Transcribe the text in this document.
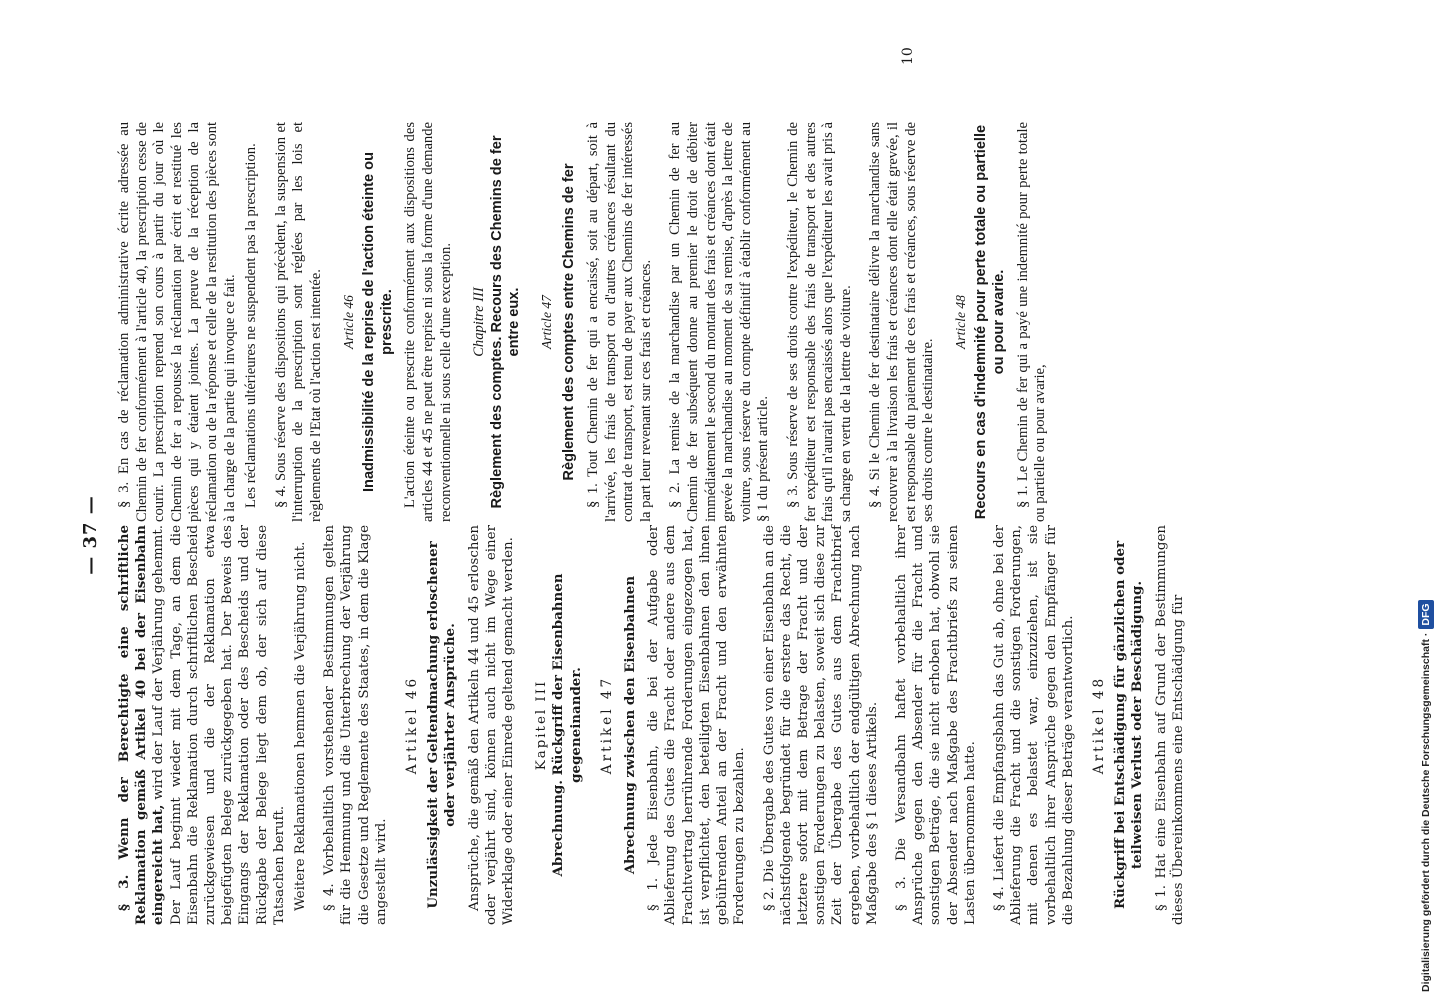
— 37 — § 3. Wenn der Berechtigte eine schriftliche Reklamation gemäß Artikel 40 bei der Eisenbahn eingereicht hat, wird der Lauf der Verjährung gehemmt. Der Lauf beginnt wieder mit dem Tage, an dem die Eisenbahn die Reklamation durch schriftlichen Bescheid zurückgewiesen und die der Reklamation etwa beigefügten Belege zurückgegeben hat. Der Beweis des Eingangs der Reklamation oder des Bescheids und der Rückgabe der Belege liegt dem ob, der sich auf diese Tatsachen beruft. Weitere Reklamationen hemmen die Verjährung nicht. § 4. Vorbehaltlich vorstehender Bestimmungen gelten für die Hemmung und die Unterbrechung der Verjährung die Gesetze und Reglemente des Staates, in dem die Klage angestellt wird.

Artikel 46 Unzulässigkeit der Geltendmachung erloschener oder verjährter Ansprüche. Ansprüche, die gemäß den Artikeln 44 und 45 erloschen oder verjährt sind, können auch nicht im Wege einer Widerklage oder einer Einrede geltend gemacht werden. Kapitel III Abrechnung. Rückgriff der Eisenbahnen gegeneinander. Artikel 47 Abrechnung zwischen den Eisenbahnen § 1. Jede Eisenbahn, die bei der Aufgabe oder Ablieferung des Gutes die Fracht oder andere aus dem Frachtvertrag herrührende Forderungen eingezogen hat, ist verpflichtet, den beteiligten Eisenbahnen den ihnen gebührenden Anteil an der Fracht und den erwähnten Forderungen zu bezahlen. § 2. Die Übergabe des Gutes von einer Eisenbahn an die nächstfolgende begründet für die erstere das Recht, die letztere sofort mit dem Betrage der Fracht und der sonstigen Forderungen zu belasten, soweit sich diese zur Zeit der Übergabe des Gutes aus dem Frachtbrief ergeben, vorbehaltlich der endgültigen Abrechnung nach Maßgabe des § 1 dieses Artikels. § 3. Die Versandbahn haftet vorbehaltlich ihrer Ansprüche gegen den Absender für die Fracht und sonstigen Beträge, die sie nicht erhoben hat, obwohl sie der Absender nach Maßgabe des Frachtbriefs zu seinen Lasten übernommen hatte. § 4. Liefert die Empfangsbahn das Gut ab, ohne bei der Ablieferung die Fracht und die sonstigen Forderungen, mit denen es belastet war, einzuziehen, ist sie vorbehaltlich ihrer Ansprüche gegen den Empfänger für die Bezahlung dieser Beträge verantwortlich. Artikel 48 Rückgriff bei Entschädigung für gänzlichen oder teilweisen Verlust oder Beschädigung. § 1. Hat eine Eisenbahn auf Grund der Bestimmungen dieses Übereinkommens eine Entschädigung für

§ 3. En cas de réclamation administrative écrite adressée au Chemin de fer conformément à l'article 40, la prescription cesse de courir. La prescription reprend son cours à partir du jour où le Chemin de fer a repoussé la réclamation par écrit et restitué les pièces qui y étaient jointes. La preuve de la réception de la réclamation ou de la réponse et celle de la restitution des pièces sont à la charge de la partie qui invoque ce fait. Les réclamations ultérieures ne suspendent pas la prescription. § 4. Sous réserve des dispositions qui précèdent, la suspension et l'interruption de la prescription sont réglées par les lois et règlements de l'Etat où l'action est intentée. Article 46 Inadmissibilité de la reprise de l'action éteinte ou prescrite. L'action éteinte ou prescrite conformément aux dispositions des articles 44 et 45 ne peut être reprise ni sous la forme d'une demande reconventionnelle ni sous celle d'une exception. Chapitre III Règlement des comptes. Recours des Chemins de fer entre eux. Article 47 Règlement des comptes entre Chemins de fer § 1. Tout Chemin de fer qui a encaissé, soit au départ, soit à l'arrivée, les frais de transport ou d'autres créances résultant du contrat de transport, est tenu de payer aux Chemins de fer intéressés la part leur revenant sur ces frais et créances. § 2. La remise de la marchandise par un Chemin de fer au Chemin de fer subséquent donne au premier le droit de débiter immédiatement le second du montant des frais et créances dont était grevée la marchandise au moment de sa remise, d'après la lettre de voiture, sous réserve du compte définitif à établir conformément au § 1 du présent article. § 3. Sous réserve de ses droits contre l'expéditeur, le Chemin de fer expéditeur est responsable des frais de transport et des autres frais qu'il n'aurait pas encaissés alors que l'expéditeur les avait pris à sa charge en vertu de la lettre de voiture. § 4. Si le Chemin de fer destinataire délivre la marchandise sans recouvrer à la livraison les frais et créances dont elle était grevée, il est responsable du paiement de ces frais et créances, sous réserve de ses droits contre le destinataire.

Article 48 Recours en cas d'indemnité pour perte totale ou partielle ou pour avarie. § 1. Le Chemin de fer qui a payé une indemnité pour perte totale ou partielle ou pour avarie,

10
Digitalisierung gefördert durch die Deutsche Forschungsgemeinschaft ·DFG
